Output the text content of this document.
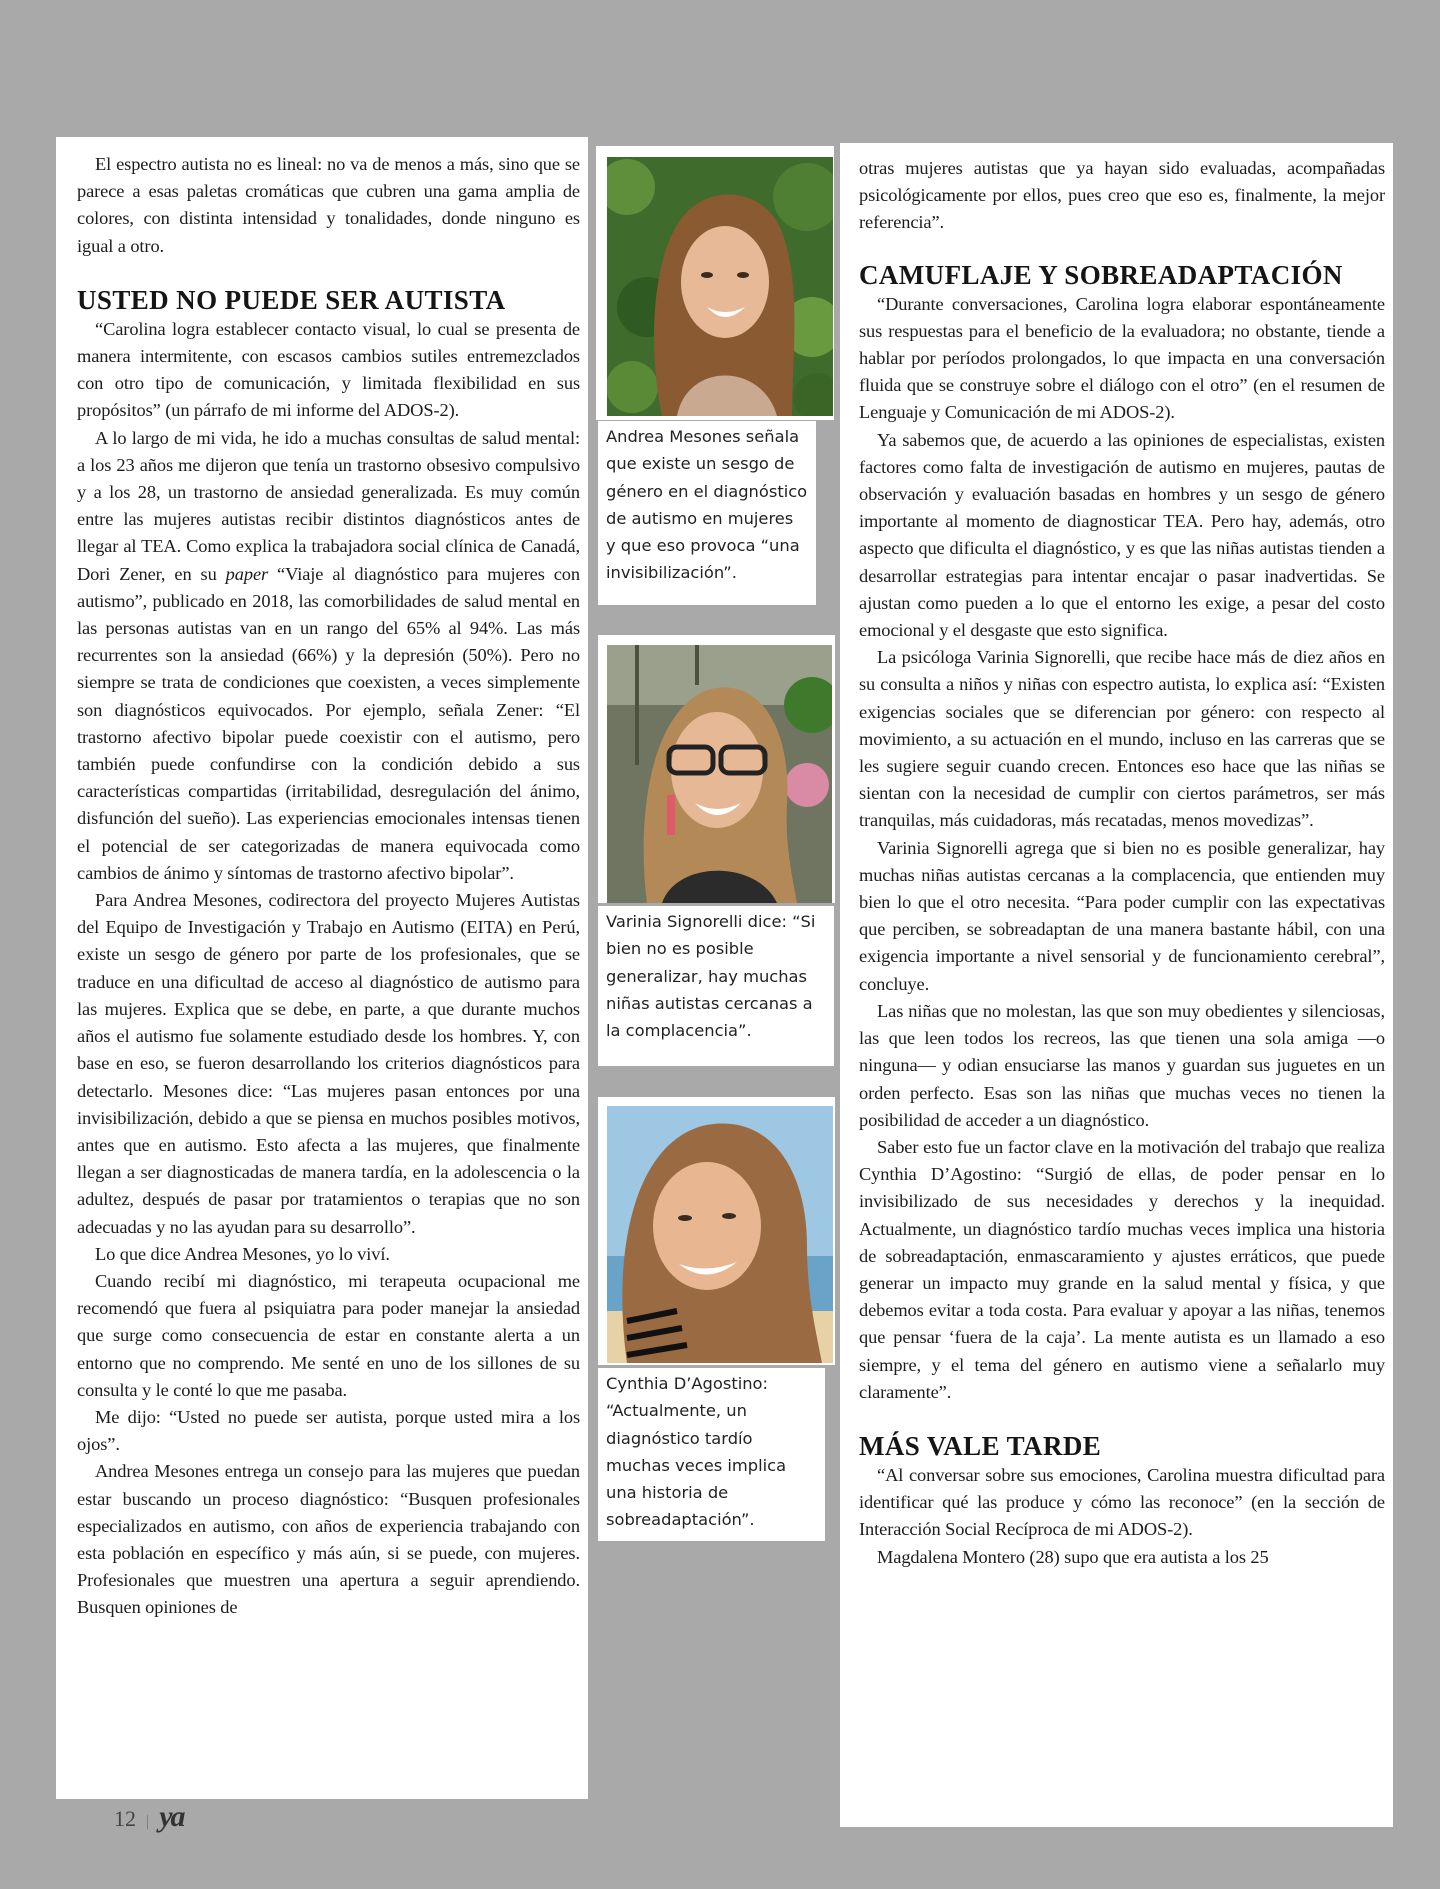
El espectro autista no es lineal: no va de menos a más, sino que se parece a esas paletas cromáticas que cubren una gama amplia de colores, con distinta intensidad y tonalidades, donde ninguno es igual a otro.

USTED NO PUEDE SER AUTISTA

“Carolina logra establecer contacto visual, lo cual se presenta de manera intermitente, con escasos cambios sutiles entremezclados con otro tipo de comunicación, y limitada flexibilidad en sus propósitos” (un párrafo de mi informe del ADOS-2).

A lo largo de mi vida, he ido a muchas consultas de salud mental: a los 23 años me dijeron que tenía un trastorno obsesivo compulsivo y a los 28, un trastorno de ansiedad generalizada. Es muy común entre las mujeres autistas recibir distintos diagnósticos antes de llegar al TEA. Como explica la trabajadora social clínica de Canadá, Dori Zener, en su paper “Viaje al diagnóstico para mujeres con autismo”, publicado en 2018, las comorbilidades de salud mental en las personas autistas van en un rango del 65% al 94%. Las más recurrentes son la ansiedad (66%) y la depresión (50%). Pero no siempre se trata de condiciones que coexisten, a veces simplemente son diagnósticos equivocados. Por ejemplo, señala Zener: “El trastorno afectivo bipolar puede coexistir con el autismo, pero también puede confundirse con la condición debido a sus características compartidas (irritabilidad, desregulación del ánimo, disfunción del sueño). Las experiencias emocionales intensas tienen el potencial de ser categorizadas de manera equivocada como cambios de ánimo y síntomas de trastorno afectivo bipolar”.

Para Andrea Mesones, codirectora del proyecto Mujeres Autistas del Equipo de Investigación y Trabajo en Autismo (EITA) en Perú, existe un sesgo de género por parte de los profesionales, que se traduce en una dificultad de acceso al diagnóstico de autismo para las mujeres. Explica que se debe, en parte, a que durante muchos años el autismo fue solamente estudiado desde los hombres. Y, con base en eso, se fueron desarrollando los criterios diagnósticos para detectarlo. Mesones dice: “Las mujeres pasan entonces por una invisibilización, debido a que se piensa en muchos posibles motivos, antes que en autismo. Esto afecta a las mujeres, que finalmente llegan a ser diagnosticadas de manera tardía, en la adolescencia o la adultez, después de pasar por tratamientos o terapias que no son adecuadas y no las ayudan para su desarrollo”.

Lo que dice Andrea Mesones, yo lo viví.

Cuando recibí mi diagnóstico, mi terapeuta ocupacional me recomendó que fuera al psiquiatra para poder manejar la ansiedad que surge como consecuencia de estar en constante alerta a un entorno que no comprendo. Me senté en uno de los sillones de su consulta y le conté lo que me pasaba.

Me dijo: “Usted no puede ser autista, porque usted mira a los ojos”.

Andrea Mesones entrega un consejo para las mujeres que puedan estar buscando un proceso diagnóstico: “Busquen profesionales especializados en autismo, con años de experiencia trabajando con esta población en específico y más aún, si se puede, con mujeres. Profesionales que muestren una apertura a seguir aprendiendo. Busquen opiniones de

Andrea Mesones señala que existe un sesgo de género en el diagnóstico de autismo en mujeres y que eso provoca “una invisibilización”.
Varinia Signorelli dice: “Si bien no es posible generalizar, hay muchas niñas autistas cercanas a la complacencia”.
Cynthia D’Agostino: “Actualmente, un diagnóstico tardío muchas veces implica una historia de sobreadaptación”.

otras mujeres autistas que ya hayan sido evaluadas, acompañadas psicológicamente por ellos, pues creo que eso es, finalmente, la mejor referencia”.

CAMUFLAJE Y SOBREADAPTACIÓN

“Durante conversaciones, Carolina logra elaborar espontáneamente sus respuestas para el beneficio de la evaluadora; no obstante, tiende a hablar por períodos prolongados, lo que impacta en una conversación fluida que se construye sobre el diálogo con el otro” (en el resumen de Lenguaje y Comunicación de mi ADOS-2).

Ya sabemos que, de acuerdo a las opiniones de especialistas, existen factores como falta de investigación de autismo en mujeres, pautas de observación y evaluación basadas en hombres y un sesgo de género importante al momento de diagnosticar TEA. Pero hay, además, otro aspecto que dificulta el diagnóstico, y es que las niñas autistas tienden a desarrollar estrategias para intentar encajar o pasar inadvertidas. Se ajustan como pueden a lo que el entorno les exige, a pesar del costo emocional y el desgaste que esto significa.

La psicóloga Varinia Signorelli, que recibe hace más de diez años en su consulta a niños y niñas con espectro autista, lo explica así: “Existen exigencias sociales que se diferencian por género: con respecto al movimiento, a su actuación en el mundo, incluso en las carreras que se les sugiere seguir cuando crecen. Entonces eso hace que las niñas se sientan con la necesidad de cumplir con ciertos parámetros, ser más tranquilas, más cuidadoras, más recatadas, menos movedizas”.

Varinia Signorelli agrega que si bien no es posible generalizar, hay muchas niñas autistas cercanas a la complacencia, que entienden muy bien lo que el otro necesita. “Para poder cumplir con las expectativas que perciben, se sobreadaptan de una manera bastante hábil, con una exigencia importante a nivel sensorial y de funcionamiento cerebral”, concluye.

Las niñas que no molestan, las que son muy obedientes y silenciosas, las que leen todos los recreos, las que tienen una sola amiga —o ninguna— y odian ensuciarse las manos y guardan sus juguetes en un orden perfecto. Esas son las niñas que muchas veces no tienen la posibilidad de acceder a un diagnóstico.

Saber esto fue un factor clave en la motivación del trabajo que realiza Cynthia D’Agostino: “Surgió de ellas, de poder pensar en lo invisibilizado de sus necesidades y derechos y la inequidad. Actualmente, un diagnóstico tardío muchas veces implica una historia de sobreadaptación, enmascaramiento y ajustes erráticos, que puede generar un impacto muy grande en la salud mental y física, y que debemos evitar a toda costa. Para evaluar y apoyar a las niñas, tenemos que pensar ‘fuera de la caja’. La mente autista es un llamado a eso siempre, y el tema del género en autismo viene a señalarlo muy claramente”.

MÁS VALE TARDE

“Al conversar sobre sus emociones, Carolina muestra dificultad para identificar qué las produce y cómo las reconoce” (en la sección de Interacción Social Recíproca de mi ADOS-2).

Magdalena Montero (28) supo que era autista a los 25

12 | ya
